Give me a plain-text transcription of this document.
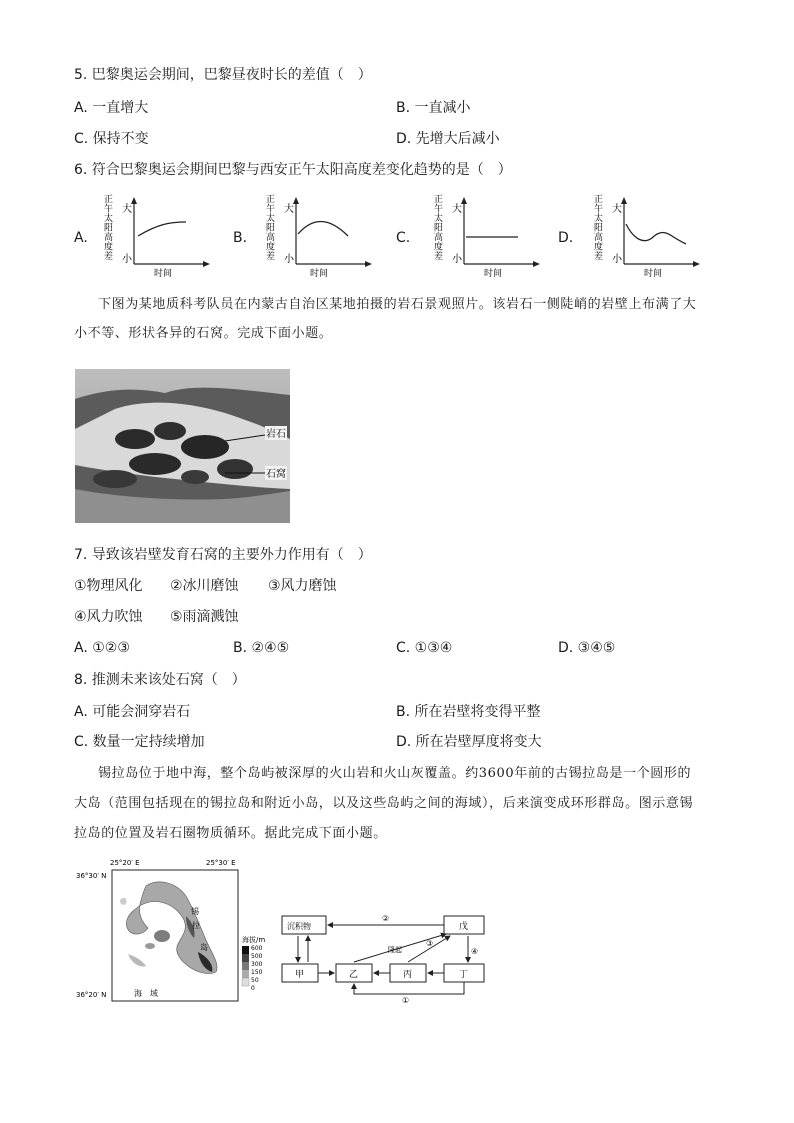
5. 巴黎奥运会期间，巴黎昼夜时长的差值（　）
A. 一直增大	B. 一直减小
C. 保持不变	D. 先增大后减小
6. 符合巴黎奥运会期间巴黎与西安正午太阳高度差变化趋势的是（　）
A.
正午太阳高度差
大
小
时间
B.
正午太阳高度差
大
小
时间
C.
正午太阳高度差
大
小
时间
D.
正午太阳高度差
大
小
时间
下图为某地质科考队员在内蒙古自治区某地拍摄的岩石景观照片。该岩石一侧陡峭的岩壁上布满了大
小不等、形状各异的石窝。完成下面小题。
岩石
石窝
7. 导致该岩壁发育石窝的主要外力作用有（　）
①物理风化 ②冰川磨蚀 ③风力磨蚀
④风力吹蚀 ⑤雨滴溅蚀
A. ①②③	B. ②④⑤	C. ①③④	D. ③④⑤
8. 推测未来该处石窝（　）
A. 可能会洞穿岩石	B. 所在岩壁将变得平整
C. 数量一定持续增加	D. 所在岩壁厚度将变大
锡拉岛位于地中海，整个岛屿被深厚的火山岩和火山灰覆盖。约3600年前的古锡拉岛是一个圆形的
大岛（范围包括现在的锡拉岛和附近小岛，以及这些岛屿之间的海域），后来演变成环形群岛。图示意锡
拉岛的位置及岩石圈物质循环。据此完成下面小题。
25°20′ E	25°30′ E
36°30′ N
36°20′ N
锡
拉
岛
海　域
海拔/m
600
500
300
150
50
0
沉积物	戊
甲	乙	丙	丁
②
隆起
③
④
①
